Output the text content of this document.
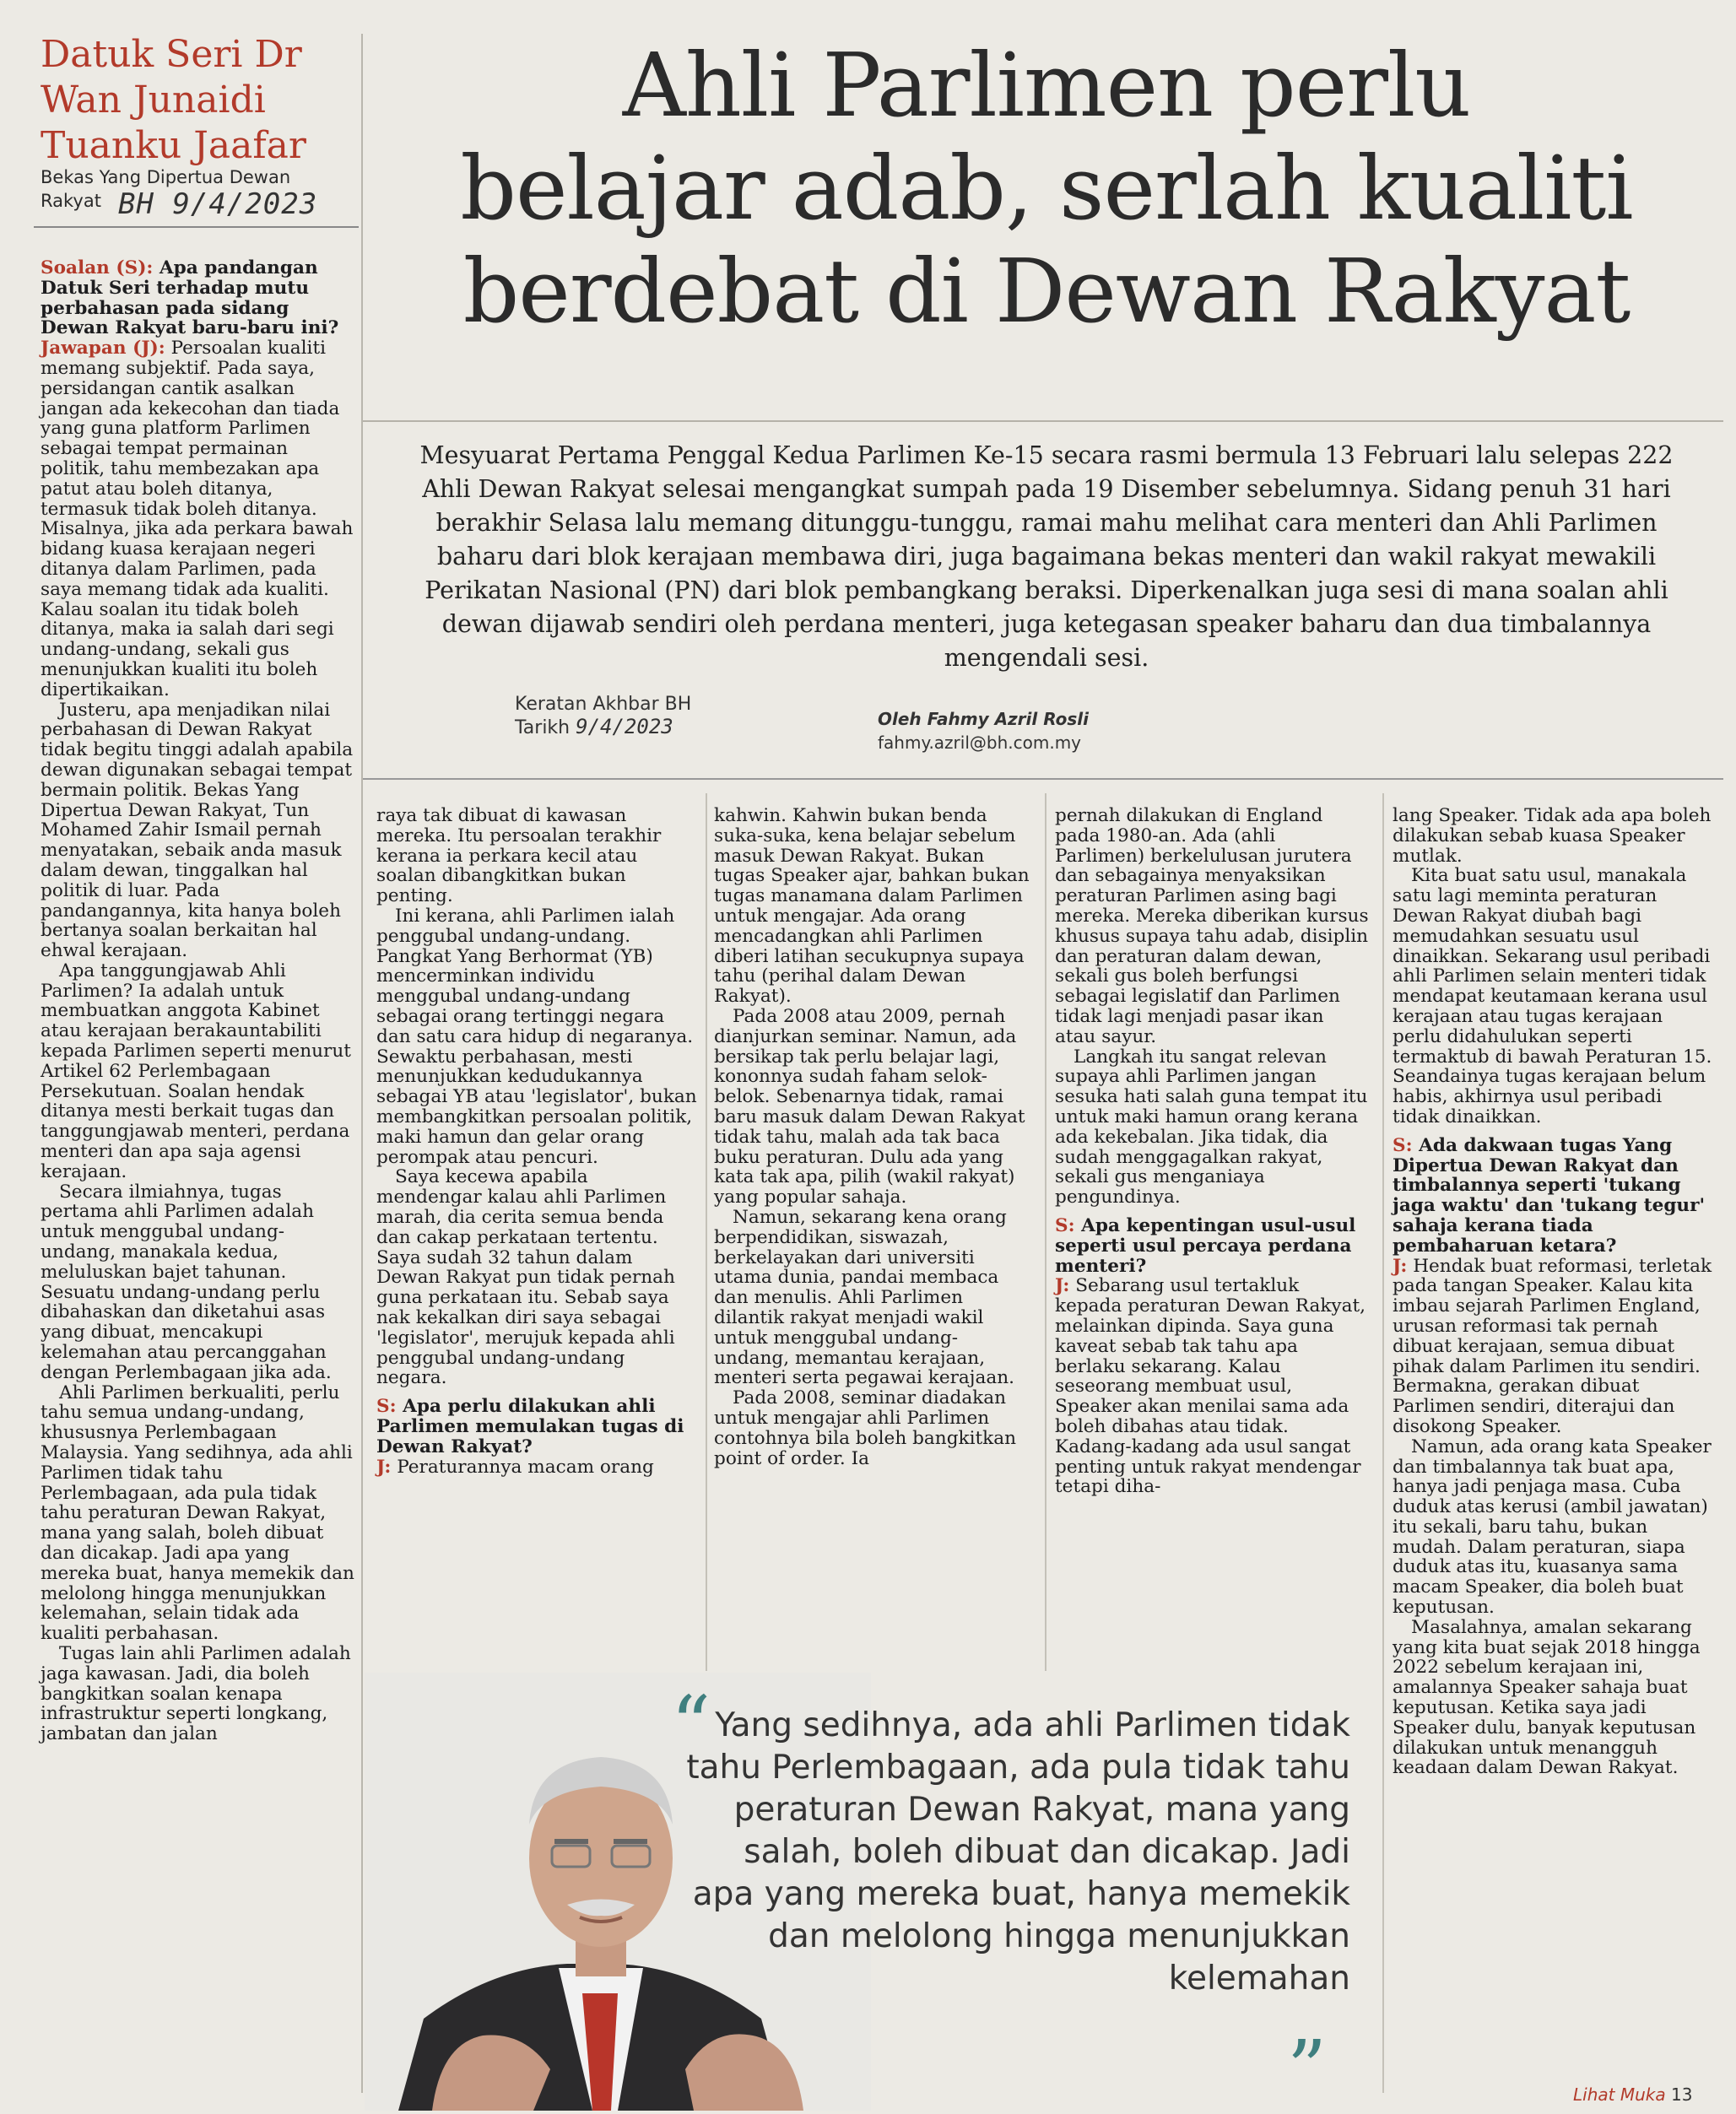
Datuk Seri Dr
Wan Junaidi
Tuanku Jaafar
Bekas Yang Dipertua Dewan
Rakyat BH 9/4/2023
Ahli Parlimen perlu
belajar adab, serlah kualiti
berdebat di Dewan Rakyat
Mesyuarat Pertama Penggal Kedua Parlimen Ke-15 secara rasmi bermula 13 Februari lalu selepas 222 Ahli Dewan Rakyat selesai mengangkat sumpah pada 19 Disember sebelumnya. Sidang penuh 31 hari berakhir Selasa lalu memang ditunggu-tunggu, ramai mahu melihat cara menteri dan Ahli Parlimen baharu dari blok kerajaan membawa diri, juga bagaimana bekas menteri dan wakil rakyat mewakili Perikatan Nasional (PN) dari blok pembangkang beraksi. Diperkenalkan juga sesi di mana soalan ahli dewan dijawab sendiri oleh perdana menteri, juga ketegasan speaker baharu dan dua timbalannya mengendali sesi.
Keratan Akhbar BH
Tarikh 9/4/2023	Oleh Fahmy Azril Rosli
fahmy.azril@bh.com.my

Soalan (S): Apa pandangan Datuk Seri terhadap mutu perbahasan pada sidang Dewan Rakyat baru-baru ini?

Jawapan (J): Persoalan kualiti memang subjektif. Pada saya, persidangan cantik asalkan jangan ada kekecohan dan tiada yang guna platform Parlimen sebagai tempat permainan politik, tahu membezakan apa patut atau boleh ditanya, termasuk tidak boleh ditanya. Misalnya, jika ada perkara bawah bidang kuasa kerajaan negeri ditanya dalam Parlimen, pada saya memang tidak ada kualiti. Kalau soalan itu tidak boleh ditanya, maka ia salah dari segi undang-undang, sekali gus menunjukkan kualiti itu boleh dipertikaikan.

Justeru, apa menjadikan nilai perbahasan di Dewan Rakyat tidak begitu tinggi adalah apabila dewan digunakan sebagai tempat bermain politik. Bekas Yang Dipertua Dewan Rakyat, Tun Mohamed Zahir Ismail pernah menyatakan, sebaik anda masuk dalam dewan, tinggalkan hal politik di luar. Pada pandangannya, kita hanya boleh bertanya soalan berkaitan hal ehwal kerajaan.

Apa tanggungjawab Ahli Parlimen? Ia adalah untuk membuatkan anggota Kabinet atau kerajaan berakauntabiliti kepada Parlimen seperti menurut Artikel 62 Perlembagaan Persekutuan. Soalan hendak ditanya mesti berkait tugas dan tanggungjawab menteri, perdana menteri dan apa saja agensi kerajaan.

Secara ilmiahnya, tugas pertama ahli Parlimen adalah untuk menggubal undang-undang, manakala kedua, meluluskan bajet tahunan. Sesuatu undang-undang perlu dibahaskan dan diketahui asas yang dibuat, mencakupi kelemahan atau percanggahan dengan Perlembagaan jika ada.

Ahli Parlimen berkualiti, perlu tahu semua undang-undang, khususnya Perlembagaan Malaysia. Yang sedihnya, ada ahli Parlimen tidak tahu Perlembagaan, ada pula tidak tahu peraturan Dewan Rakyat, mana yang salah, boleh dibuat dan dicakap. Jadi apa yang mereka buat, hanya memekik dan melolong hingga menunjukkan kelemahan, selain tidak ada kualiti perbahasan.

Tugas lain ahli Parlimen adalah jaga kawasan. Jadi, dia boleh bangkitkan soalan kenapa infrastruktur seperti longkang, jambatan dan jalan

raya tak dibuat di kawasan mereka. Itu persoalan terakhir kerana ia perkara kecil atau soalan dibangkitkan bukan penting.

Ini kerana, ahli Parlimen ialah penggubal undang-undang. Pangkat Yang Berhormat (YB) mencerminkan individu menggubal undang-undang sebagai orang tertinggi negara dan satu cara hidup di negaranya. Sewaktu perbahasan, mesti menunjukkan kedudukannya sebagai YB atau 'legislator', bukan membangkitkan persoalan politik, maki hamun dan gelar orang perompak atau pencuri.

Saya kecewa apabila mendengar kalau ahli Parlimen marah, dia cerita semua benda dan cakap perkataan tertentu. Saya sudah 32 tahun dalam Dewan Rakyat pun tidak pernah guna perkataan itu. Sebab saya nak kekalkan diri saya sebagai 'legislator', merujuk kepada ahli penggubal undang-undang negara.

S: Apa perlu dilakukan ahli Parlimen memulakan tugas di Dewan Rakyat?

J: Peraturannya macam orang

kahwin. Kahwin bukan benda suka-suka, kena belajar sebelum masuk Dewan Rakyat. Bukan tugas Speaker ajar, bahkan bukan tugas manamana dalam Parlimen untuk mengajar. Ada orang mencadangkan ahli Parlimen diberi latihan secukupnya supaya tahu (perihal dalam Dewan Rakyat).

Pada 2008 atau 2009, pernah dianjurkan seminar. Namun, ada bersikap tak perlu belajar lagi, kononnya sudah faham selok-belok. Sebenarnya tidak, ramai baru masuk dalam Dewan Rakyat tidak tahu, malah ada tak baca buku peraturan. Dulu ada yang kata tak apa, pilih (wakil rakyat) yang popular sahaja.

Namun, sekarang kena orang berpendidikan, siswazah, berkelayakan dari universiti utama dunia, pandai membaca dan menulis. Ahli Parlimen dilantik rakyat menjadi wakil untuk menggubal undang-undang, memantau kerajaan, menteri serta pegawai kerajaan.

Pada 2008, seminar diadakan untuk mengajar ahli Parlimen contohnya bila boleh bangkitkan point of order. Ia

pernah dilakukan di England pada 1980-an. Ada (ahli Parlimen) berkelulusan jurutera dan sebagainya menyaksikan peraturan Parlimen asing bagi mereka. Mereka diberikan kursus khusus supaya tahu adab, disiplin dan peraturan dalam dewan, sekali gus boleh berfungsi sebagai legislatif dan Parlimen tidak lagi menjadi pasar ikan atau sayur.

Langkah itu sangat relevan supaya ahli Parlimen jangan sesuka hati salah guna tempat itu untuk maki hamun orang kerana ada kekebalan. Jika tidak, dia sudah menggagalkan rakyat, sekali gus menganiaya pengundinya.

S: Apa kepentingan usul-usul seperti usul percaya perdana menteri?

J: Sebarang usul tertakluk kepada peraturan Dewan Rakyat, melainkan dipinda. Saya guna kaveat sebab tak tahu apa berlaku sekarang. Kalau seseorang membuat usul, Speaker akan menilai sama ada boleh dibahas atau tidak. Kadang-kadang ada usul sangat penting untuk rakyat mendengar tetapi diha-

lang Speaker. Tidak ada apa boleh dilakukan sebab kuasa Speaker mutlak.

Kita buat satu usul, manakala satu lagi meminta peraturan Dewan Rakyat diubah bagi memudahkan sesuatu usul dinaikkan. Sekarang usul peribadi ahli Parlimen selain menteri tidak mendapat keutamaan kerana usul kerajaan atau tugas kerajaan perlu didahulukan seperti termaktub di bawah Peraturan 15. Seandainya tugas kerajaan belum habis, akhirnya usul peribadi tidak dinaikkan.

S: Ada dakwaan tugas Yang Dipertua Dewan Rakyat dan timbalannya seperti 'tukang jaga waktu' dan 'tukang tegur' sahaja kerana tiada pembaharuan ketara?

J: Hendak buat reformasi, terletak pada tangan Speaker. Kalau kita imbau sejarah Parlimen England, urusan reformasi tak pernah dibuat kerajaan, semua dibuat pihak dalam Parlimen itu sendiri. Bermakna, gerakan dibuat Parlimen sendiri, diterajui dan disokong Speaker.

Namun, ada orang kata Speaker dan timbalannya tak buat apa, hanya jadi penjaga masa. Cuba duduk atas kerusi (ambil jawatan) itu sekali, baru tahu, bukan mudah. Dalam peraturan, siapa duduk atas itu, kuasanya sama macam Speaker, dia boleh buat keputusan.

Masalahnya, amalan sekarang yang kita buat sejak 2018 hingga 2022 sebelum kerajaan ini, amalannya Speaker sahaja buat keputusan. Ketika saya jadi Speaker dulu, banyak keputusan dilakukan untuk menangguh keadaan dalam Dewan Rakyat.

“ Yang sedihnya, ada ahli Parlimen tidak tahu Perlembagaan, ada pula tidak tahu peraturan Dewan Rakyat, mana yang salah, boleh dibuat dan dicakap. Jadi apa yang mereka buat, hanya memekik dan melolong hingga menunjukkan kelemahan
”	Lihat Muka 13
